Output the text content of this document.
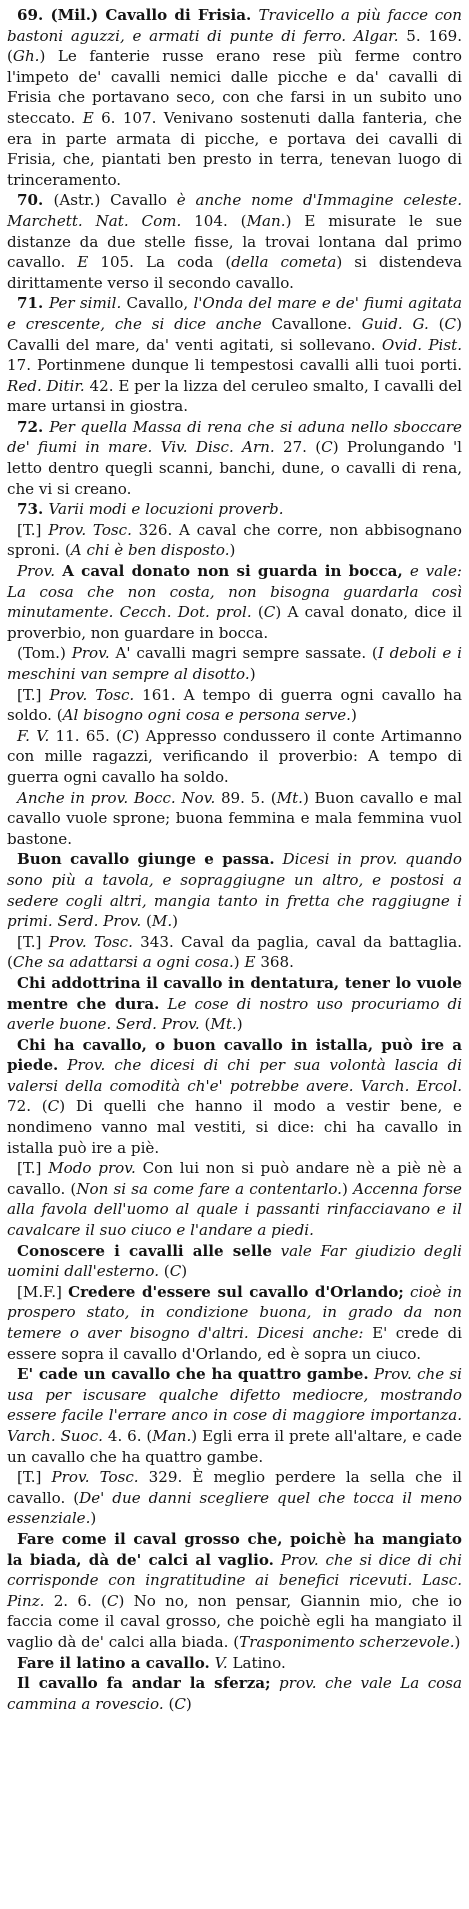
69. (Mil.) Cavallo di Frisia. Travicello a più facce con bastoni aguzzi, e armati di punte di ferro. Algar. 5. 169. (Gh.) Le fanterie russe erano rese più ferme contro l'impeto de' cavalli nemici dalle picche e da' cavalli di Frisia che portavano seco, con che farsi in un subito uno steccato. E 6. 107. Venivano sostenuti dalla fanteria, che era in parte armata di picche, e portava dei cavalli di Frisia, che, piantati ben presto in terra, tenevan luogo di trinceramento.

70. (Astr.) Cavallo è anche nome d'Immagine celeste. Marchett. Nat. Com. 104. (Man.) E misurate le sue distanze da due stelle fisse, la trovai lontana dal primo cavallo. E 105. La coda (della cometa) si distendeva dirittamente verso il secondo cavallo.

71. Per simil. Cavallo, l'Onda del mare e de' fiumi agitata e crescente, che si dice anche Cavallone. Guid. G. (C) Cavalli del mare, da' venti agitati, si sollevano. Ovid. Pist. 17. Portinmene dunque li tempestosi cavalli alli tuoi porti. Red. Ditir. 42. E per la lizza del ceruleo smalto, I cavalli del mare urtansi in giostra.

72. Per quella Massa di rena che si aduna nello sboccare de' fiumi in mare. Viv. Disc. Arn. 27. (C) Prolungando 'l letto dentro quegli scanni, banchi, dune, o cavalli di rena, che vi si creano.

73. Varii modi e locuzioni proverb.

[T.] Prov. Tosc. 326. A caval che corre, non abbisognano sproni. (A chi è ben disposto.)

Prov. A caval donato non si guarda in bocca, e vale: La cosa che non costa, non bisogna guardarla così minutamente. Cecch. Dot. prol. (C) A caval donato, dice il proverbio, non guardare in bocca.

(Tom.) Prov. A' cavalli magri sempre sassate. (I deboli e i meschini van sempre al disotto.)

[T.] Prov. Tosc. 161. A tempo di guerra ogni cavallo ha soldo. (Al bisogno ogni cosa e persona serve.)

F. V. 11. 65. (C) Appresso condussero il conte Artimanno con mille ragazzi, verificando il proverbio: A tempo di guerra ogni cavallo ha soldo.

Anche in prov. Bocc. Nov. 89. 5. (Mt.) Buon cavallo e mal cavallo vuole sprone; buona femmina e mala femmina vuol bastone.

Buon cavallo giunge e passa. Dicesi in prov. quando sono più a tavola, e sopraggiugne un altro, e postosi a sedere cogli altri, mangia tanto in fretta che raggiugne i primi. Serd. Prov. (M.)

[T.] Prov. Tosc. 343. Caval da paglia, caval da battaglia. (Che sa adattarsi a ogni cosa.) E 368.

Chi addottrina il cavallo in dentatura, tener lo vuole mentre che dura. Le cose di nostro uso procuriamo di averle buone. Serd. Prov. (Mt.)

Chi ha cavallo, o buon cavallo in istalla, può ire a piede. Prov. che dicesi di chi per sua volontà lascia di valersi della comodità ch'e' potrebbe avere. Varch. Ercol. 72. (C) Di quelli che hanno il modo a vestir bene, e nondimeno vanno mal vestiti, si dice: chi ha cavallo in istalla può ire a piè.

[T.] Modo prov. Con lui non si può andare nè a piè nè a cavallo. (Non si sa come fare a contentarlo.) Accenna forse alla favola dell'uomo al quale i passanti rinfacciavano e il cavalcare il suo ciuco e l'andare a piedi.

Conoscere i cavalli alle selle vale Far giudizio degli uomini dall'esterno. (C)

[M.F.] Credere d'essere sul cavallo d'Orlando; cioè in prospero stato, in condizione buona, in grado da non temere o aver bisogno d'altri. Dicesi anche: E' crede di essere sopra il cavallo d'Orlando, ed è sopra un ciuco.

E' cade un cavallo che ha quattro gambe. Prov. che si usa per iscusare qualche difetto mediocre, mostrando essere facile l'errare anco in cose di maggiore importanza. Varch. Suoc. 4. 6. (Man.) Egli erra il prete all'altare, e cade un cavallo che ha quattro gambe.

[T.] Prov. Tosc. 329. È meglio perdere la sella che il cavallo. (De' due danni scegliere quel che tocca il meno essenziale.)

Fare come il caval grosso che, poichè ha mangiato la biada, dà de' calci al vaglio. Prov. che si dice di chi corrisponde con ingratitudine ai benefici ricevuti. Lasc. Pinz. 2. 6. (C) No no, non pensar, Giannin mio, che io faccia come il caval grosso, che poichè egli ha mangiato il vaglio dà de' calci alla biada. (Trasponimento scherzevole.)

Fare il latino a cavallo. V. Latino.

Il cavallo fa andar la sferza; prov. che vale La cosa cammina a rovescio. (C)
